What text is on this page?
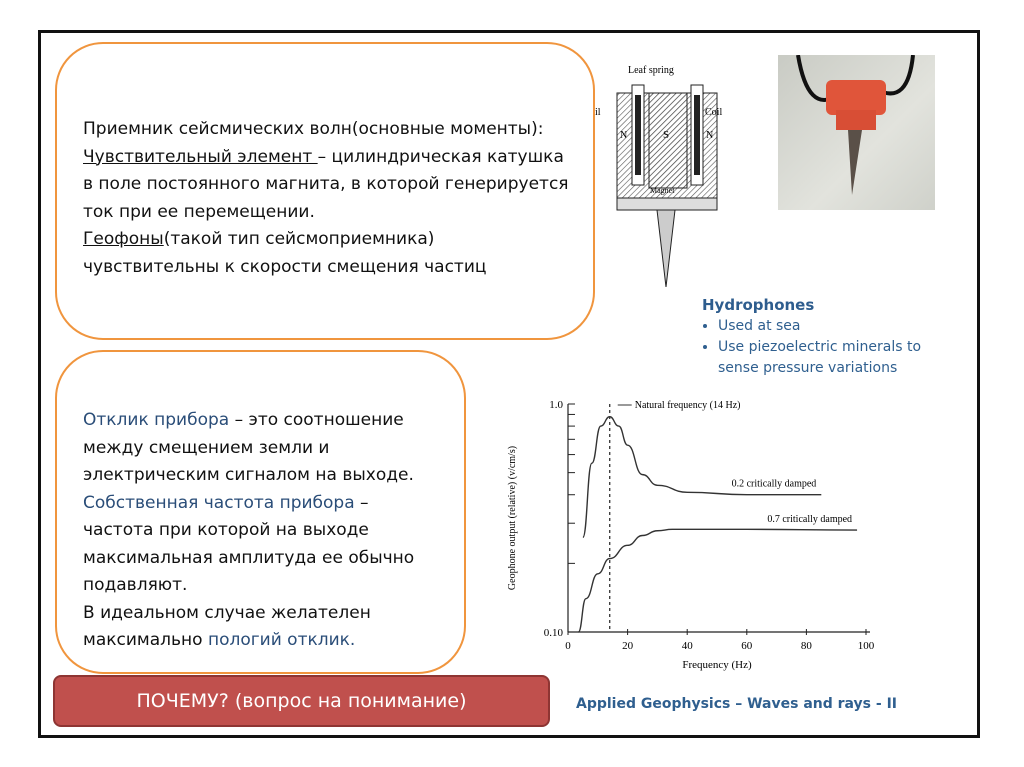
Leaf spring
il	Coil
N	S	N
Magnet
Hydrophones
• Used at sea
• Use piezoelectric minerals to sense pressure variations
0	20	40	60	80	100
0.10
1.0
Frequency (Hz)
Geophone output (relative) (v/cm/s)
Natural frequency (14 Hz)
0.2 critically damped
0.7 critically damped

Приемник сейсмических волн(основные моменты):
Чувствительный элемент – цилиндрическая катушка в поле постоянного магнита, в которой генерируется ток при ее перемещении.
Геофоны(такой тип сейсмоприемника) чувствительны к скорости смещения частиц

Отклик прибора – это соотношение между смещением земли и электрическим сигналом на выходе.
Собственная частота прибора – частота при которой на выходе максимальная амплитуда ее обычно подавляют.
В идеальном случае желателен максимально пологий отклик.

ПОЧЕМУ? (вопрос на понимание)	Applied Geophysics – Waves and rays - II
